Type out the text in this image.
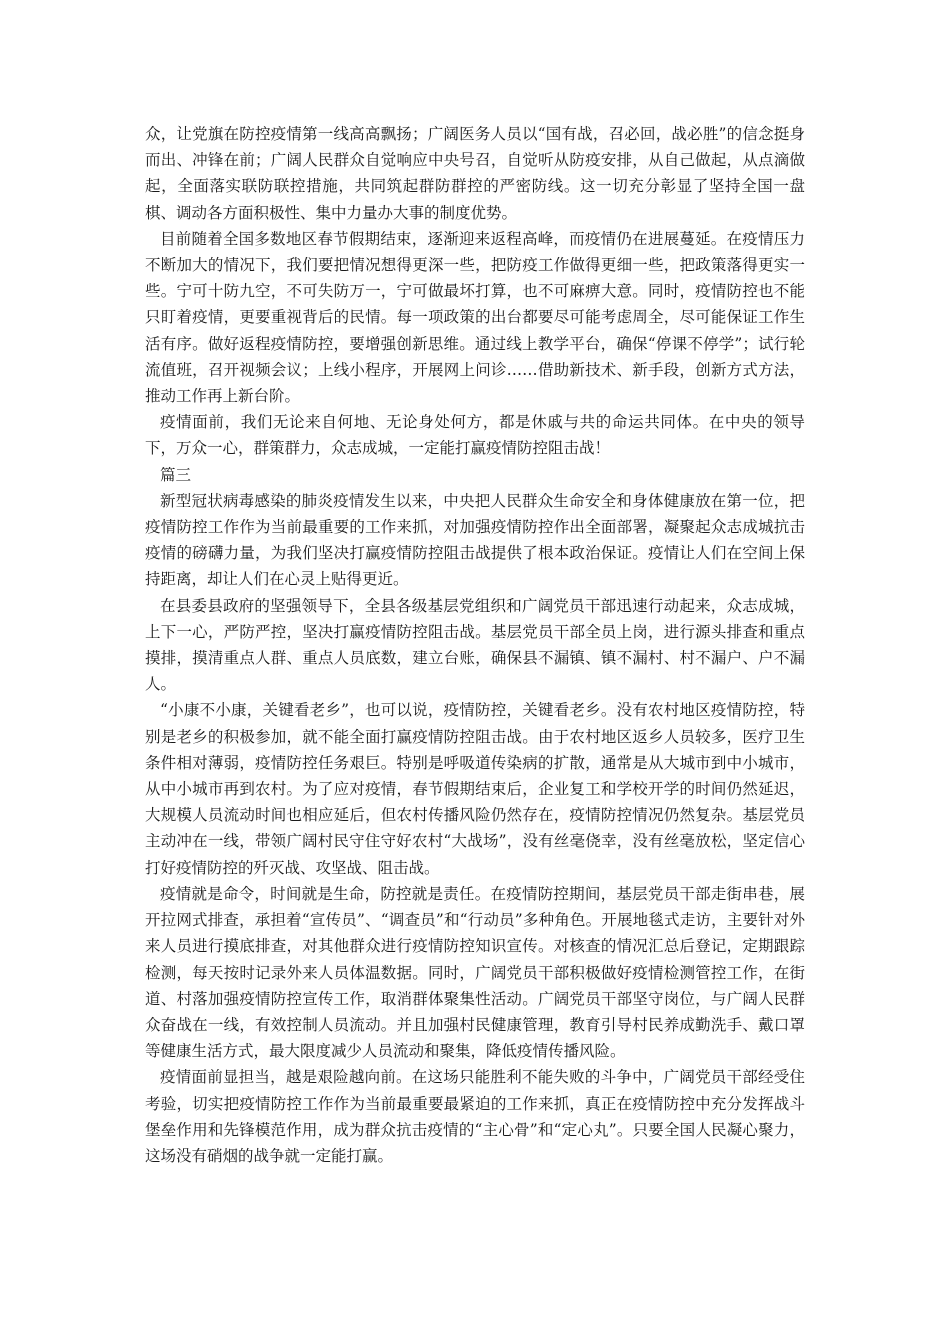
众，让党旗在防控疫情第一线高高飘扬；广阔医务人员以“国有战，召必回，战必胜”的信念挺身而出、冲锋在前；广阔人民群众自觉响应中央号召，自觉听从防疫安排，从自己做起，从点滴做起，全面落实联防联控措施，共同筑起群防群控的严密防线。这一切充分彰显了坚持全国一盘棋、调动各方面积极性、集中力量办大事的制度优势。

目前随着全国多数地区春节假期结束，逐渐迎来返程高峰，而疫情仍在进展蔓延。在疫情压力不断加大的情况下，我们要把情况想得更深一些，把防疫工作做得更细一些，把政策落得更实一些。宁可十防九空，不可失防万一，宁可做最坏打算，也不可麻痹大意。同时，疫情防控也不能只盯着疫情，更要重视背后的民情。每一项政策的出台都要尽可能考虑周全，尽可能保证工作生活有序。做好返程疫情防控，要增强创新思维。通过线上教学平台，确保“停课不停学”；试行轮流值班，召开视频会议；上线小程序，开展网上问诊……借助新技术、新手段，创新方式方法，推动工作再上新台阶。

疫情面前，我们无论来自何地、无论身处何方，都是休戚与共的命运共同体。在中央的领导下，万众一心，群策群力，众志成城，一定能打赢疫情防控阻击战！

篇三

新型冠状病毒感染的肺炎疫情发生以来，中央把人民群众生命安全和身体健康放在第一位，把疫情防控工作作为当前最重要的工作来抓，对加强疫情防控作出全面部署，凝聚起众志成城抗击疫情的磅礴力量，为我们坚决打赢疫情防控阻击战提供了根本政治保证。疫情让人们在空间上保持距离，却让人们在心灵上贴得更近。

在县委县政府的坚强领导下，全县各级基层党组织和广阔党员干部迅速行动起来，众志成城，上下一心，严防严控，坚决打赢疫情防控阻击战。基层党员干部全员上岗，进行源头排查和重点摸排，摸清重点人群、重点人员底数，建立台账，确保县不漏镇、镇不漏村、村不漏户、户不漏人。

“小康不小康，关键看老乡”，也可以说，疫情防控，关键看老乡。没有农村地区疫情防控，特别是老乡的积极参加，就不能全面打赢疫情防控阻击战。由于农村地区返乡人员较多，医疗卫生条件相对薄弱，疫情防控任务艰巨。特别是呼吸道传染病的扩散，通常是从大城市到中小城市，从中小城市再到农村。为了应对疫情，春节假期结束后，企业复工和学校开学的时间仍然延迟，大规模人员流动时间也相应延后，但农村传播风险仍然存在，疫情防控情况仍然复杂。基层党员主动冲在一线，带领广阔村民守住守好农村“大战场”，没有丝毫侥幸，没有丝毫放松，坚定信心打好疫情防控的歼灭战、攻坚战、阻击战。

疫情就是命令，时间就是生命，防控就是责任。在疫情防控期间，基层党员干部走街串巷，展开拉网式排查，承担着“宣传员”、“调查员”和“行动员”多种角色。开展地毯式走访，主要针对外来人员进行摸底排查，对其他群众进行疫情防控知识宣传。对核查的情况汇总后登记，定期跟踪检测，每天按时记录外来人员体温数据。同时，广阔党员干部积极做好疫情检测管控工作，在街道、村落加强疫情防控宣传工作，取消群体聚集性活动。广阔党员干部坚守岗位，与广阔人民群众奋战在一线，有效控制人员流动。并且加强村民健康管理，教育引导村民养成勤洗手、戴口罩等健康生活方式，最大限度减少人员流动和聚集，降低疫情传播风险。

疫情面前显担当，越是艰险越向前。在这场只能胜利不能失败的斗争中，广阔党员干部经受住考验，切实把疫情防控工作作为当前最重要最紧迫的工作来抓，真正在疫情防控中充分发挥战斗堡垒作用和先锋模范作用，成为群众抗击疫情的“主心骨”和“定心丸”。只要全国人民凝心聚力，这场没有硝烟的战争就一定能打赢。
